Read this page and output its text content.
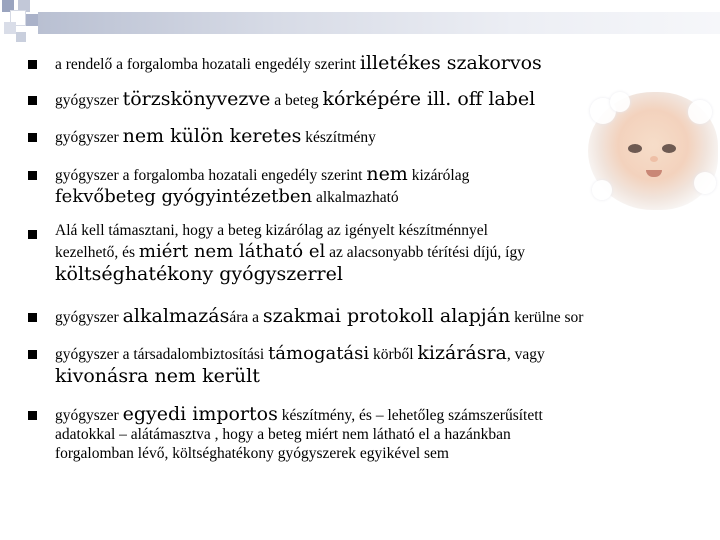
a rendelő a forgalomba hozatali engedély szerint illetékes szakorvos
gyógyszer törzskönyvezve a beteg kórképére ill. off label
gyógyszer nem külön keretes készítmény
gyógyszer a forgalomba hozatali engedély szerint nem kizárólag
fekvőbeteg gyógyintézetben alkalmazható
Alá kell támasztani, hogy a beteg kizárólag az igényelt készítménnyel
kezelhető, és miért nem látható el az alacsonyabb térítési díjú, így
költséghatékony gyógyszerrel
gyógyszer alkalmazására a szakmai protokoll alapján kerülne sor
gyógyszer a társadalombiztosítási támogatási körből kizárásra, vagy
kivonásra nem került
gyógyszer egyedi importos készítmény, és – lehetőleg számszerűsített
adatokkal – alátámasztva , hogy a beteg miért nem látható el a hazánkban
forgalomban lévő, költséghatékony gyógyszerek egyikével sem
